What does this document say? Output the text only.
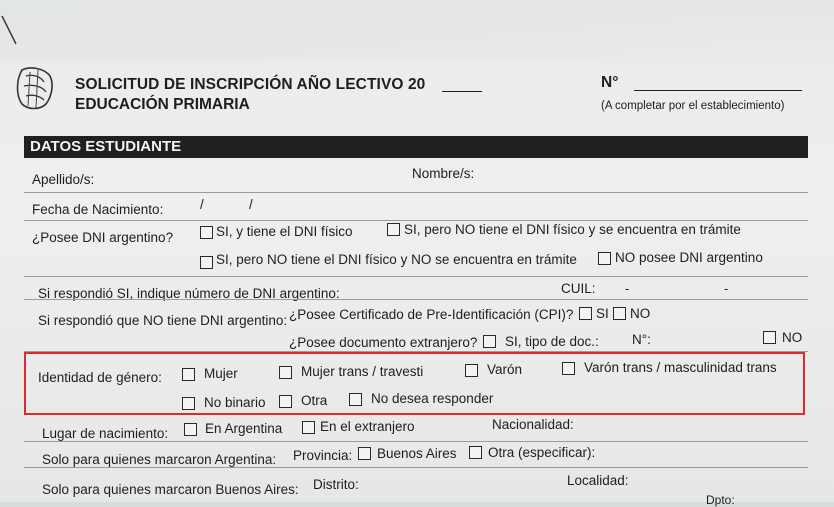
SOLICITUD DE INSCRIPCIÓN AÑO LECTIVO 20
EDUCACIÓN PRIMARIA
N°
(A completar por el establecimiento)
DATOS ESTUDIANTE
Apellido/s:	Nombre/s:
Fecha de Nacimiento:	/	/
¿Posee DNI argentino?	SI, y tiene el DNI físico	SI, pero NO tiene el DNI físico y se encuentra en trámite
SI, pero NO tiene el DNI físico y NO se encuentra en trámite	NO posee DNI argentino
Si respondió SI, indique número de DNI argentino:	CUIL: -	-
Si respondió que NO tiene DNI argentino: ¿Posee Certificado de Pre-Identificación (CPI)? SI NO
¿Posee documento extranjero? SI, tipo de doc.: N°:	NO
Identidad de género:	Mujer	Mujer trans / travesti	Varón	Varón trans / masculinidad trans
No binario	Otra	No desea responder
Lugar de nacimiento:	En Argentina	En el extranjero	Nacionalidad:
Solo para quienes marcaron Argentina: Provincia: Buenos Aires Otra (especificar):
Solo para quienes marcaron Buenos Aires: Distrito:	Localidad:
Dpto:
